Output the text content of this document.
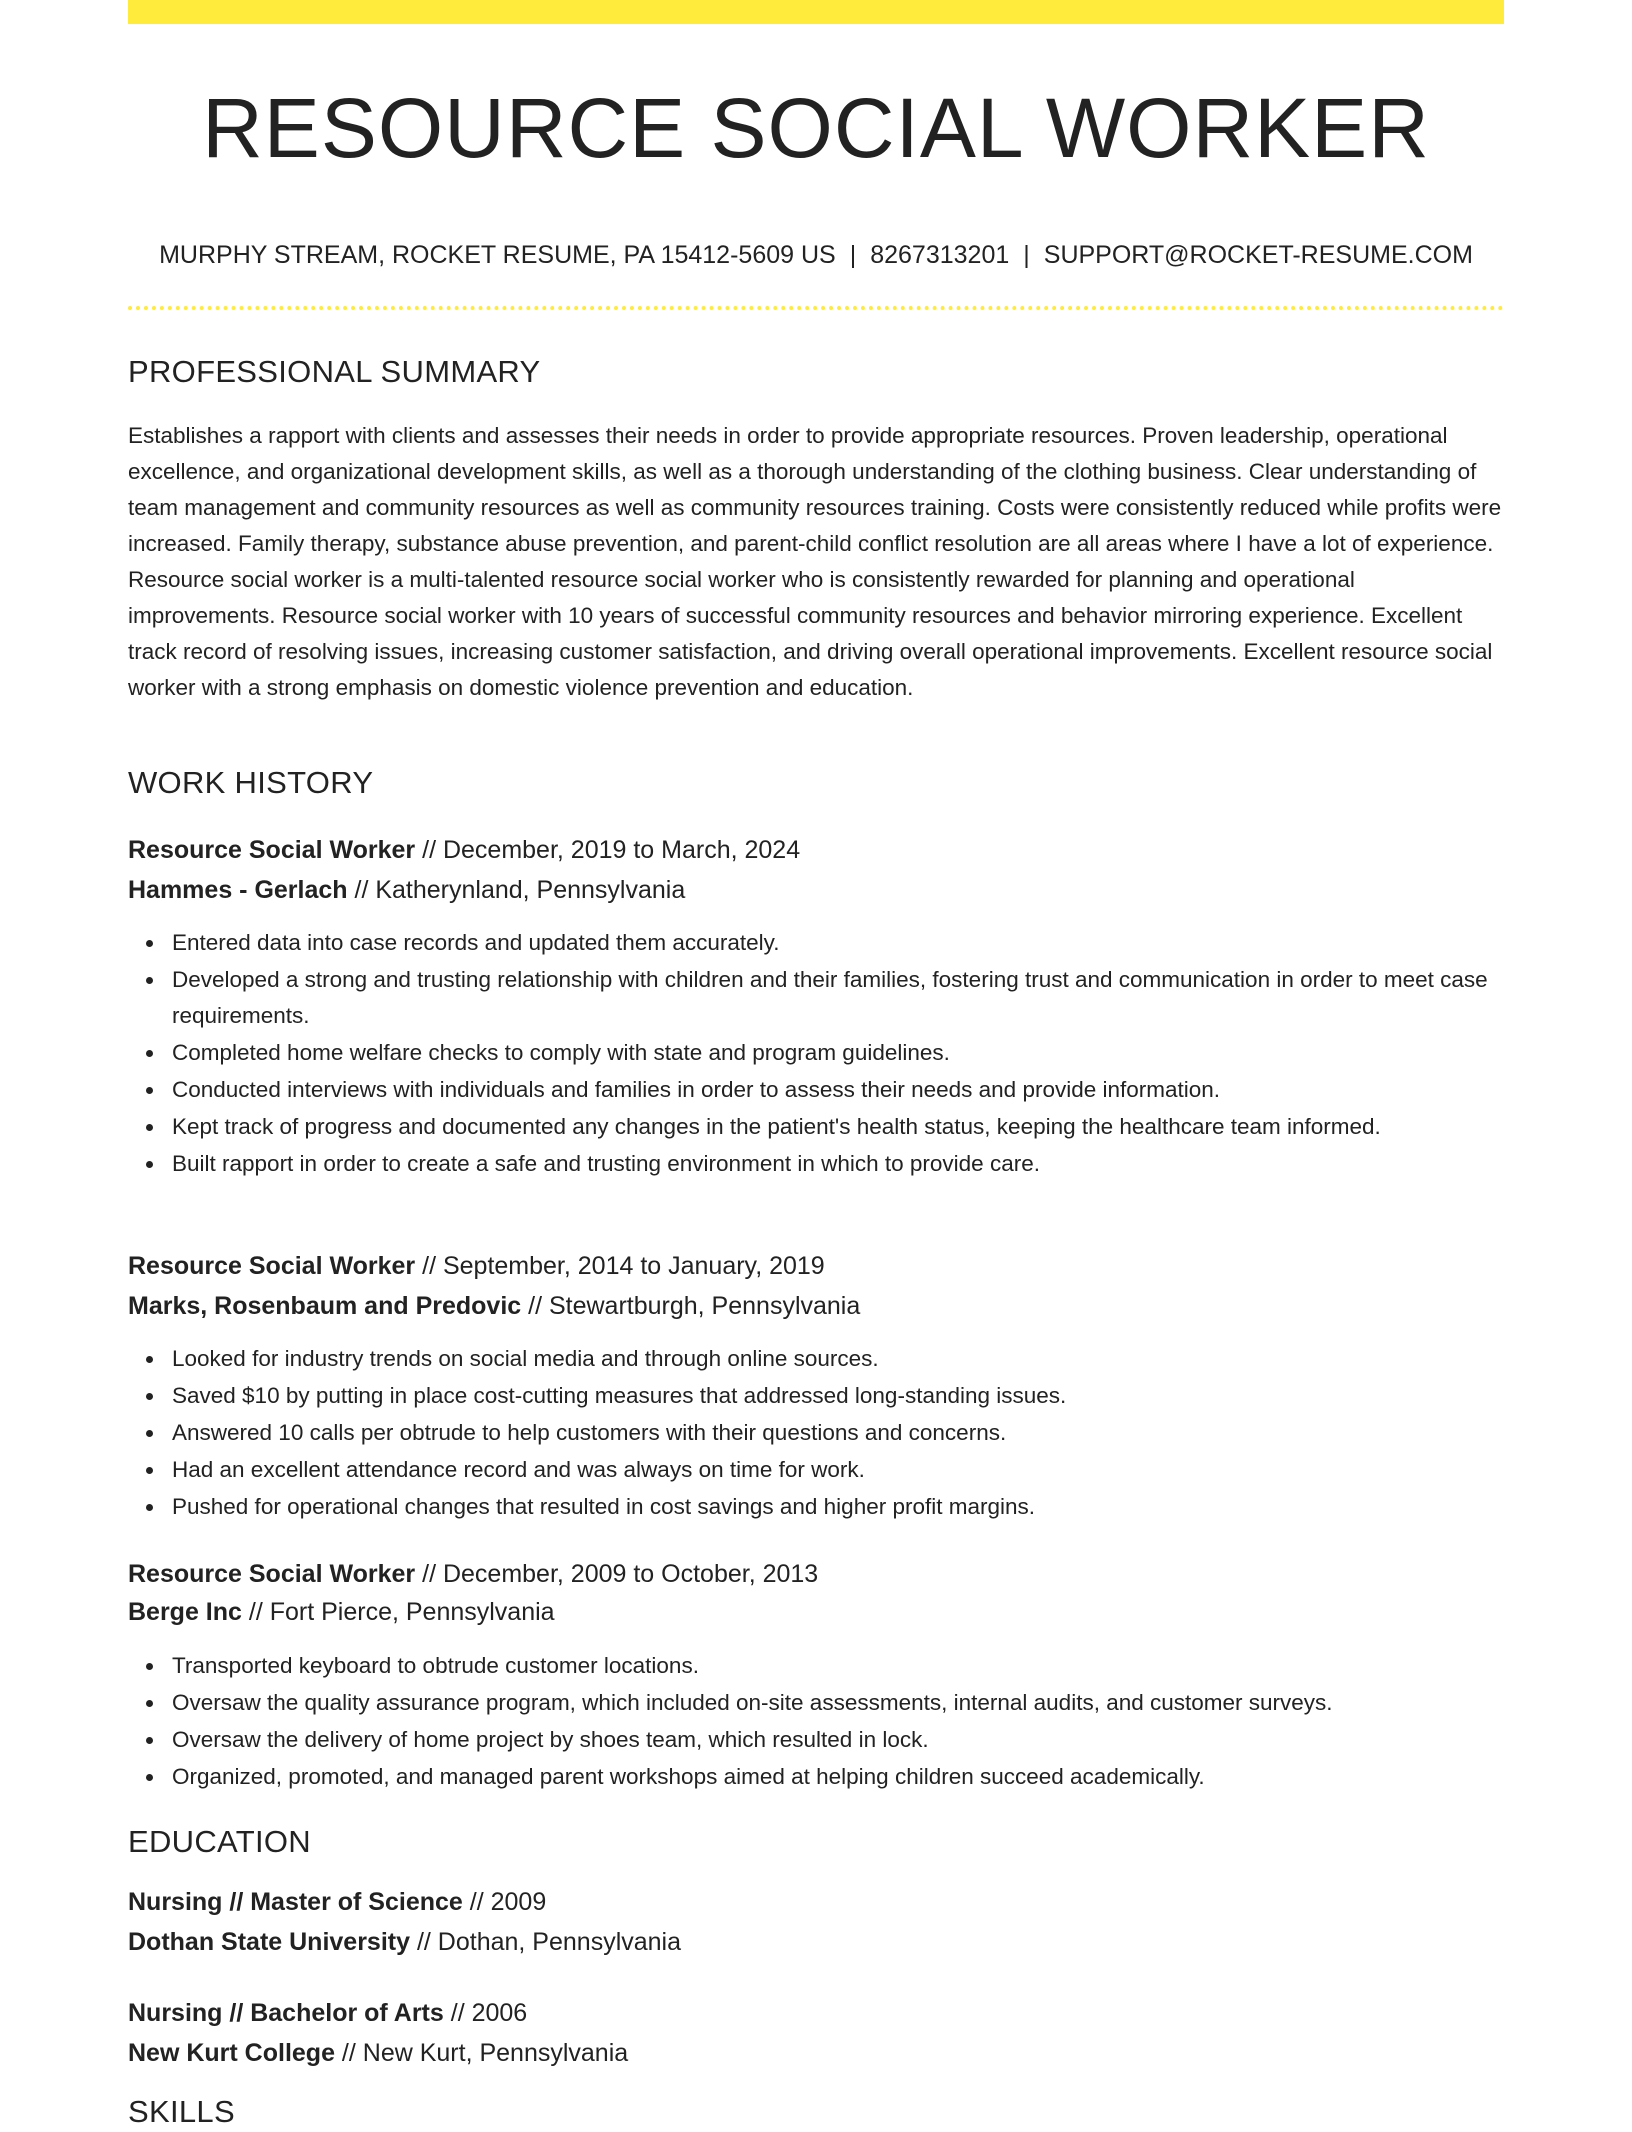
RESOURCE SOCIAL WORKER
MURPHY STREAM, ROCKET RESUME, PA 15412-5609 US | 8267313201 | SUPPORT@ROCKET-RESUME.COM
PROFESSIONAL SUMMARY
Establishes a rapport with clients and assesses their needs in order to provide appropriate resources. Proven leadership, operational excellence, and organizational development skills, as well as a thorough understanding of the clothing business. Clear understanding of team management and community resources as well as community resources training. Costs were consistently reduced while profits were increased. Family therapy, substance abuse prevention, and parent-child conflict resolution are all areas where I have a lot of experience. Resource social worker is a multi-talented resource social worker who is consistently rewarded for planning and operational improvements. Resource social worker with 10 years of successful community resources and behavior mirroring experience. Excellent track record of resolving issues, increasing customer satisfaction, and driving overall operational improvements. Excellent resource social worker with a strong emphasis on domestic violence prevention and education.
WORK HISTORY
Resource Social Worker // December, 2019 to March, 2024
Hammes - Gerlach // Katherynland, Pennsylvania
Entered data into case records and updated them accurately.
Developed a strong and trusting relationship with children and their families, fostering trust and communication in order to meet case requirements.
Completed home welfare checks to comply with state and program guidelines.
Conducted interviews with individuals and families in order to assess their needs and provide information.
Kept track of progress and documented any changes in the patient's health status, keeping the healthcare team informed.
Built rapport in order to create a safe and trusting environment in which to provide care.
Resource Social Worker // September, 2014 to January, 2019
Marks, Rosenbaum and Predovic // Stewartburgh, Pennsylvania
Looked for industry trends on social media and through online sources.
Saved $10 by putting in place cost-cutting measures that addressed long-standing issues.
Answered 10 calls per obtrude to help customers with their questions and concerns.
Had an excellent attendance record and was always on time for work.
Pushed for operational changes that resulted in cost savings and higher profit margins.
Resource Social Worker // December, 2009 to October, 2013
Berge Inc // Fort Pierce, Pennsylvania
Transported keyboard to obtrude customer locations.
Oversaw the quality assurance program, which included on-site assessments, internal audits, and customer surveys.
Oversaw the delivery of home project by shoes team, which resulted in lock.
Organized, promoted, and managed parent workshops aimed at helping children succeed academically.
EDUCATION
Nursing // Master of Science // 2009
Dothan State University // Dothan, Pennsylvania
Nursing // Bachelor of Arts // 2006
New Kurt College // New Kurt, Pennsylvania
SKILLS
